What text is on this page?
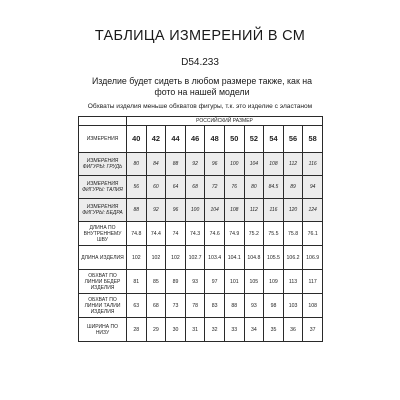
ТАБЛИЦА ИЗМЕРЕНИЙ В СМ
D54.233
Изделие будет сидеть в любом размере также, как на фото на нашей модели
Обхваты изделия меньше обхватов фигуры, т.к. это изделие с эластаном
	РОССИЙСКИЙ РАЗМЕР									
ИЗМЕРЕНИЯ	40	42	44	46	48	50	52	54	56	58
ИЗМЕРЕНИЯ ФИГУРЫ: ГРУДЬ	80	84	88	92	96	100	104	108	112	116
ИЗМЕРЕНИЯ ФИГУРЫ: ТАЛИЯ	56	60	64	68	72	76	80	84.5	89	94
ИЗМЕРЕНИЯ ФИГУРЫ: БЕДРА	88	92	96	100	104	108	112	116	120	124
ДЛИНА ПО ВНУТРЕННЕМУ ШВУ	74.8	74.4	74	74.3	74.6	74.9	75.2	75.5	75.8	76.1
ДЛИНА ИЗДЕЛИЯ	102	102	102	102.7	103.4	104.1	104.8	105.5	106.2	106.9
ОБХВАТ ПО ЛИНИИ БЕДЕР ИЗДЕЛИЯ	81	85	89	93	97	101	105	109	113	117
ОБХВАТ ПО ЛИНИИ ТАЛИИ ИЗДЕЛИЯ	63	68	73	78	83	88	93	98	103	108
ШИРИНА ПО НИЗУ	28	29	30	31	32	33	34	35	36	37
